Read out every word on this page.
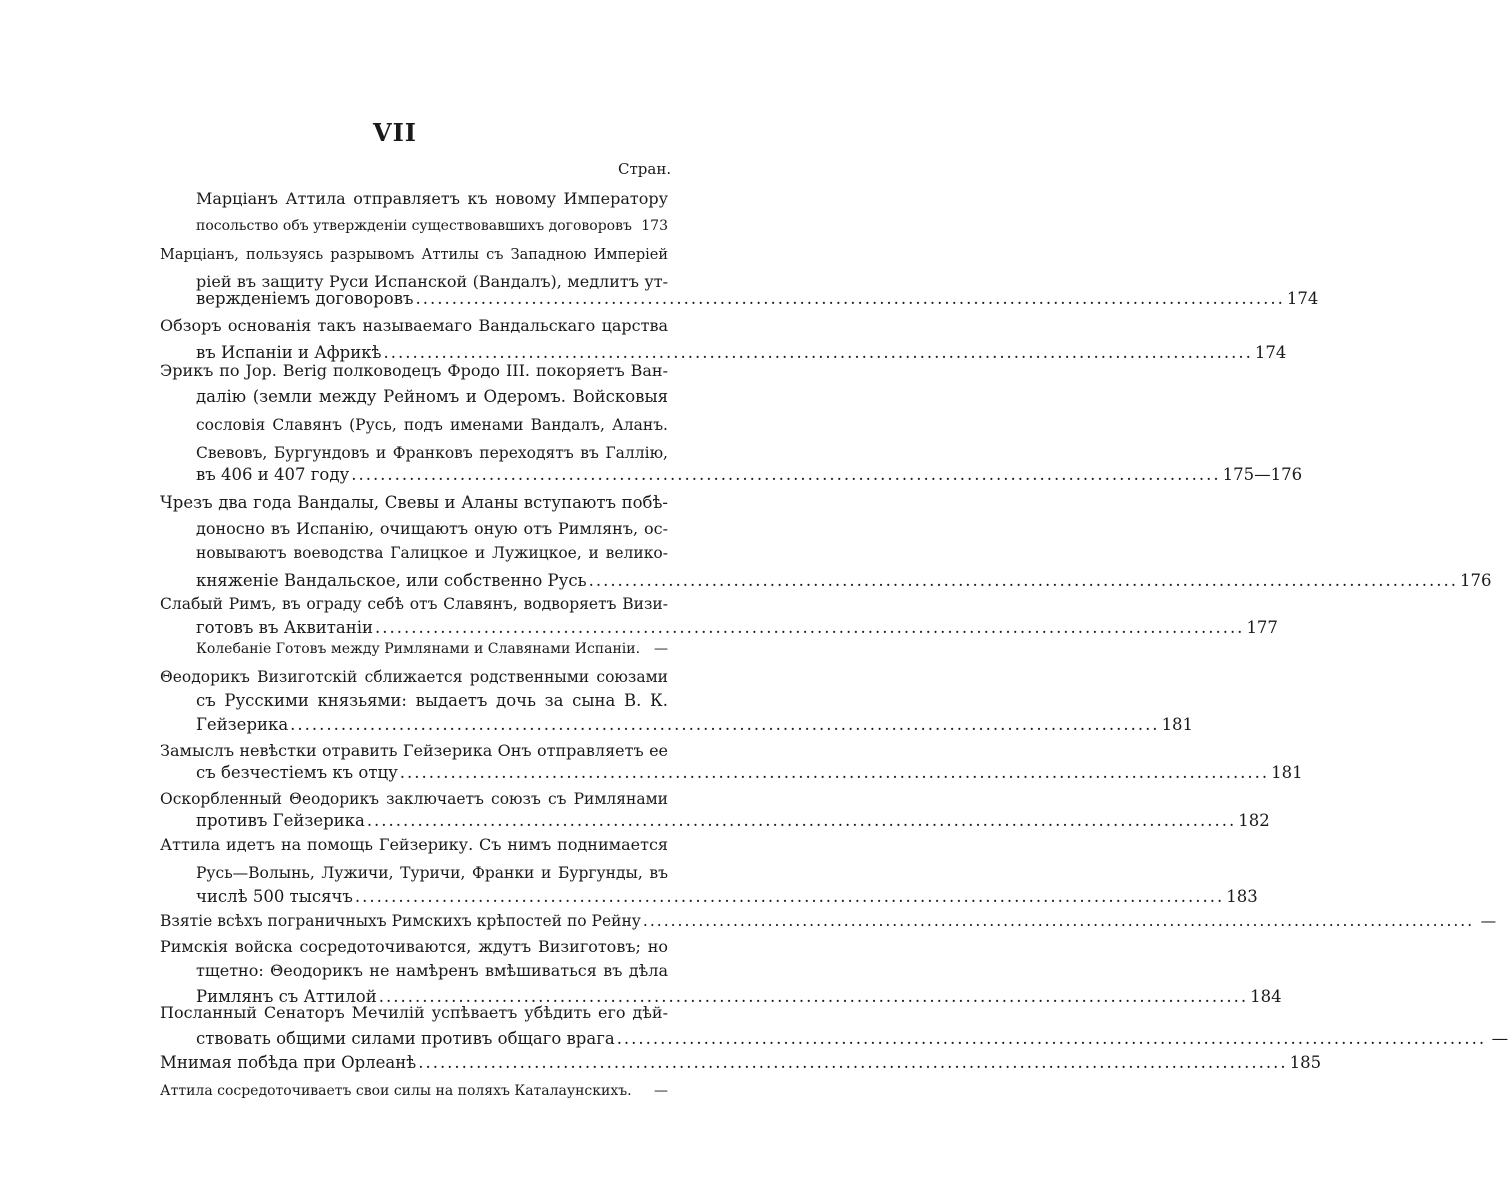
VII
Стран.
Марціанъ Аттила отправляетъ къ новому Императору
посольство объ утвержденіи существовавшихъ договоровъ 173
Марціанъ, пользуясь разрывомъ Аттилы съ Западною Имперіей
ріей въ защиту Руси Испанской (Вандалъ), медлитъ ут-
вержденіемъ договоровъ ........................................................................................................................ 174
Обзоръ основанія такъ называемаго Вандальскаго царства
въ Испаніи и Африкѣ ........................................................................................................................ 174
Эрикъ по Jор. Berig полководецъ Фродо III. покоряетъ Ван-
далію (земли между Рейномъ и Одеромъ. Войсковыя
сословія Славянъ (Русь, подъ именами Вандалъ, Аланъ.
Свевовъ, Бургундовъ и Франковъ переходятъ въ Галлію,
въ 406 и 407 году ........................................................................................................................ 175—176
Чрезъ два года Вандалы, Свевы и Аланы вступаютъ побѣ-
доносно въ Испанію, очищаютъ оную отъ Римлянъ, ос-
новываютъ воеводства Галицкое и Лужицкое, и велико-
княженіе Вандальское, или собственно Русь ........................................................................................................................ 176
Слабый Римъ, въ ограду себѣ отъ Славянъ, водворяетъ Визи-
готовъ въ Аквитаніи ........................................................................................................................ 177
Колебаніе Готовъ между Римлянами и Славянами Испаніи. —
Θеодорикъ Визиготскій сближается родственными союзами
съ Русскими князьями: выдаетъ дочь за сына В. К.
Гейзерика ........................................................................................................................ 181
Замыслъ невѣстки отравить Гейзерика Онъ отправляетъ ее
съ безчестіемъ къ отцу ........................................................................................................................ 181
Оскорбленный Θеодорикъ заключаетъ союзъ съ Римлянами
противъ Гейзерика ........................................................................................................................ 182
Аттила идетъ на помощь Гейзерику. Съ нимъ поднимается
Русь—Волынь, Лужичи, Туричи, Франки и Бургунды, въ
числѣ 500 тысячъ ........................................................................................................................ 183
Взятіе всѣхъ пограничныхъ Римскихъ крѣпостей по Рейну ........................................................................................................................ —
Римскія войска сосредоточиваются, ждутъ Визиготовъ; но
тщетно: Θеодорикъ не намѣренъ вмѣшиваться въ дѣла
Римлянъ съ Аттилой ........................................................................................................................ 184
Посланный Сенаторъ Мечилій успѣваетъ убѣдить его дѣй-
ствовать общими силами противъ общаго врага ........................................................................................................................ —
Мнимая побѣда при Орлеанѣ ........................................................................................................................ 185
Аттила сосредоточиваетъ свои силы на поляхъ Каталаунскихъ.	—
